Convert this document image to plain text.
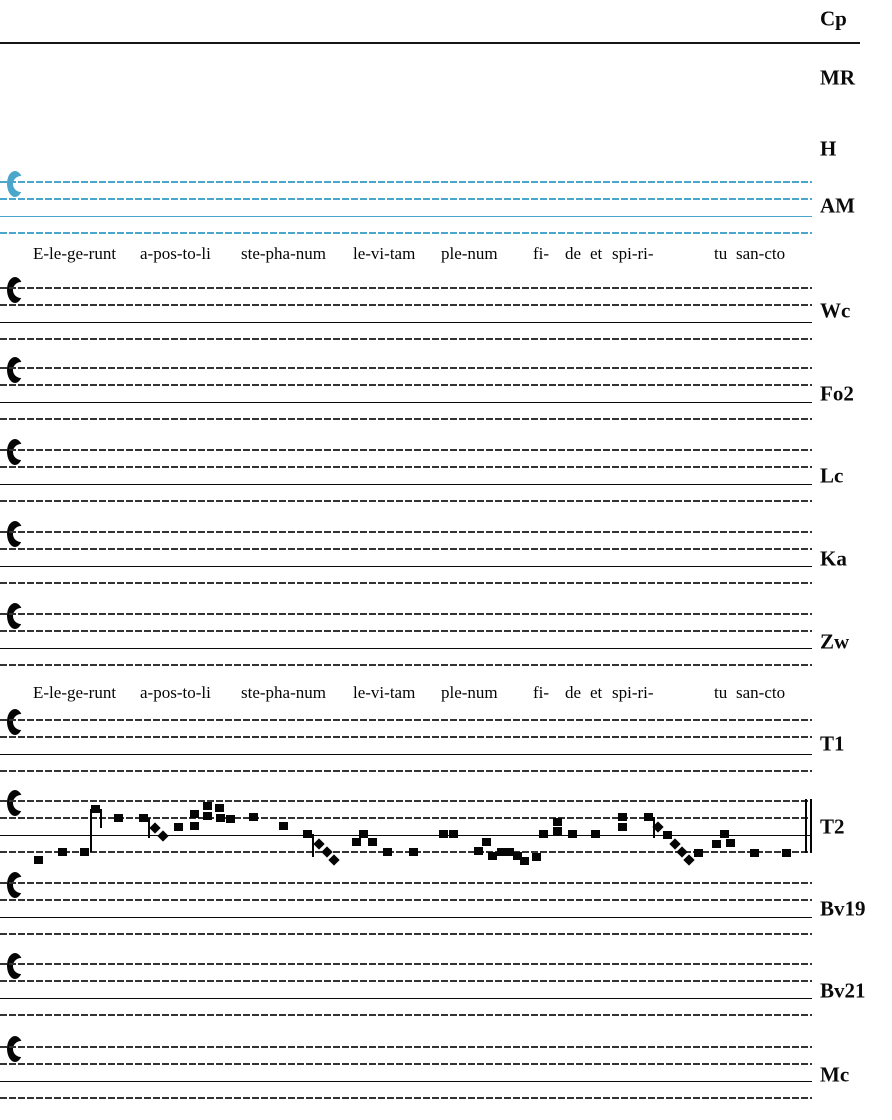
Cp
MR
H
AM
Wc
Fo2
Lc
Ka
Zw
T1
T2
Bv19
Bv21
Mc
E-le-ge-runt a-pos-to-li ste-pha-num le-vi-tam ple-num fi- de et spi-ri-	tu san-cto
E-le-ge-runt a-pos-to-li ste-pha-num le-vi-tam ple-num fi- de et spi-ri-	tu san-cto
